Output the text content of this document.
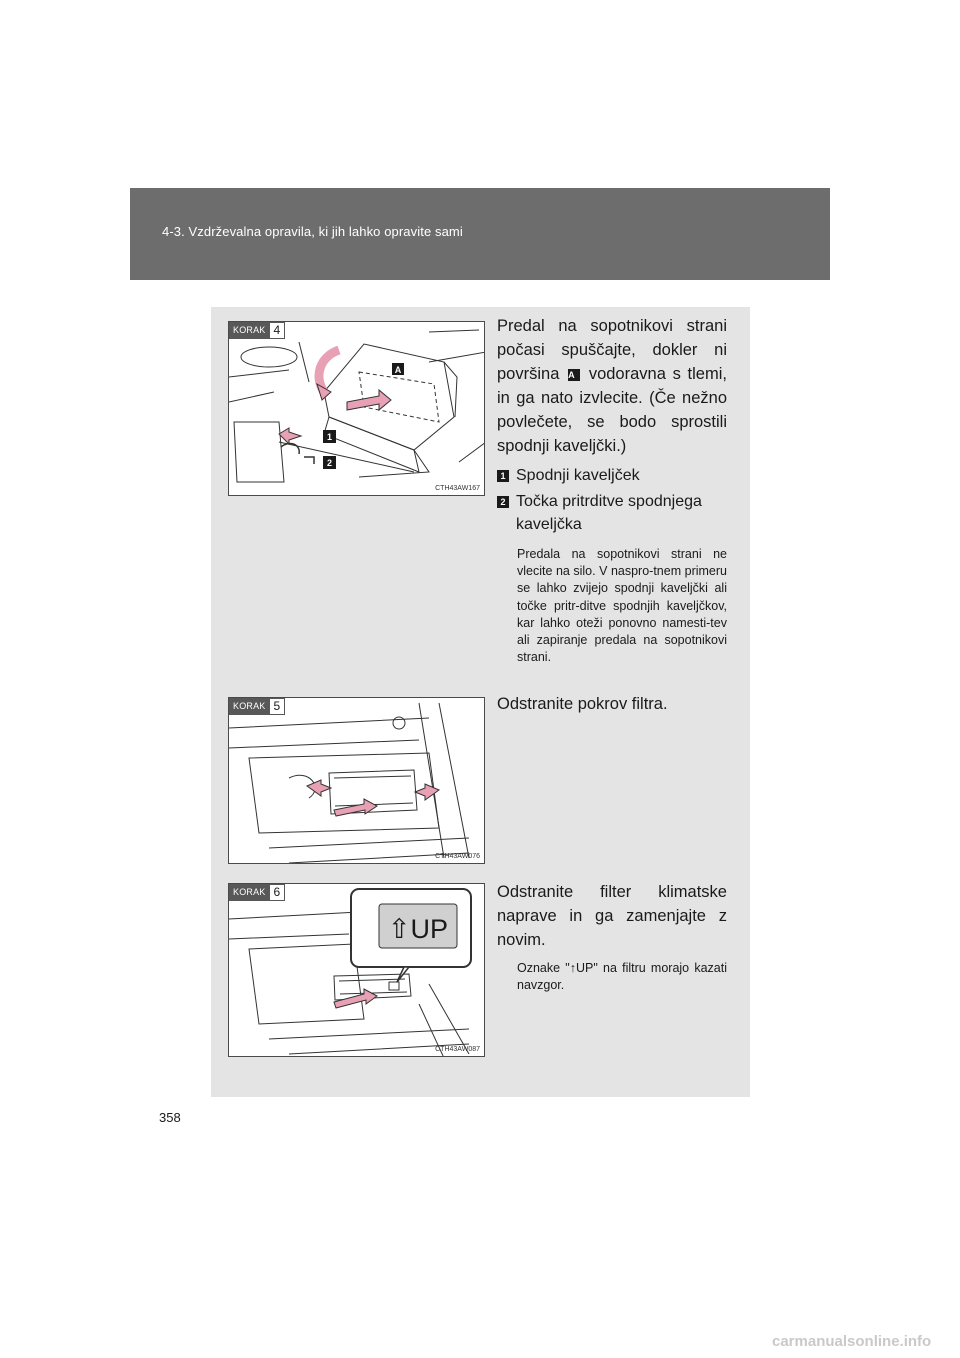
4-3. Vzdrževalna opravila, ki jih lahko opravite sami
KORAK 4
A
1
2
CTH43AW167

Predal na sopotnikovi strani počasi spuščajte, dokler ni površina A vodoravna s tlemi, in ga nato izvlecite. (Če nežno povlečete, se bodo sprostili spodnji kaveljčki.)

1 Spodnji kaveljček
2 Točka pritrditve spodnjega kaveljčka
Predala na sopotnikovi strani ne vlecite na silo. V naspro-tnem primeru se lahko zvijejo spodnji kaveljčki ali točke pritr-ditve spodnjih kaveljčkov, kar lahko oteži ponovno namesti-tev ali zapiranje predala na sopotnikovi strani.
KORAK 5
CTH43AW076

Odstranite pokrov filtra.

KORAK 6
⇧UP
CTH43AW087

Odstranite filter klimatske naprave in ga zamenjajte z novim.

Oznake "↑UP" na filtru morajo kazati navzgor.
358
carmanualsonline.info
